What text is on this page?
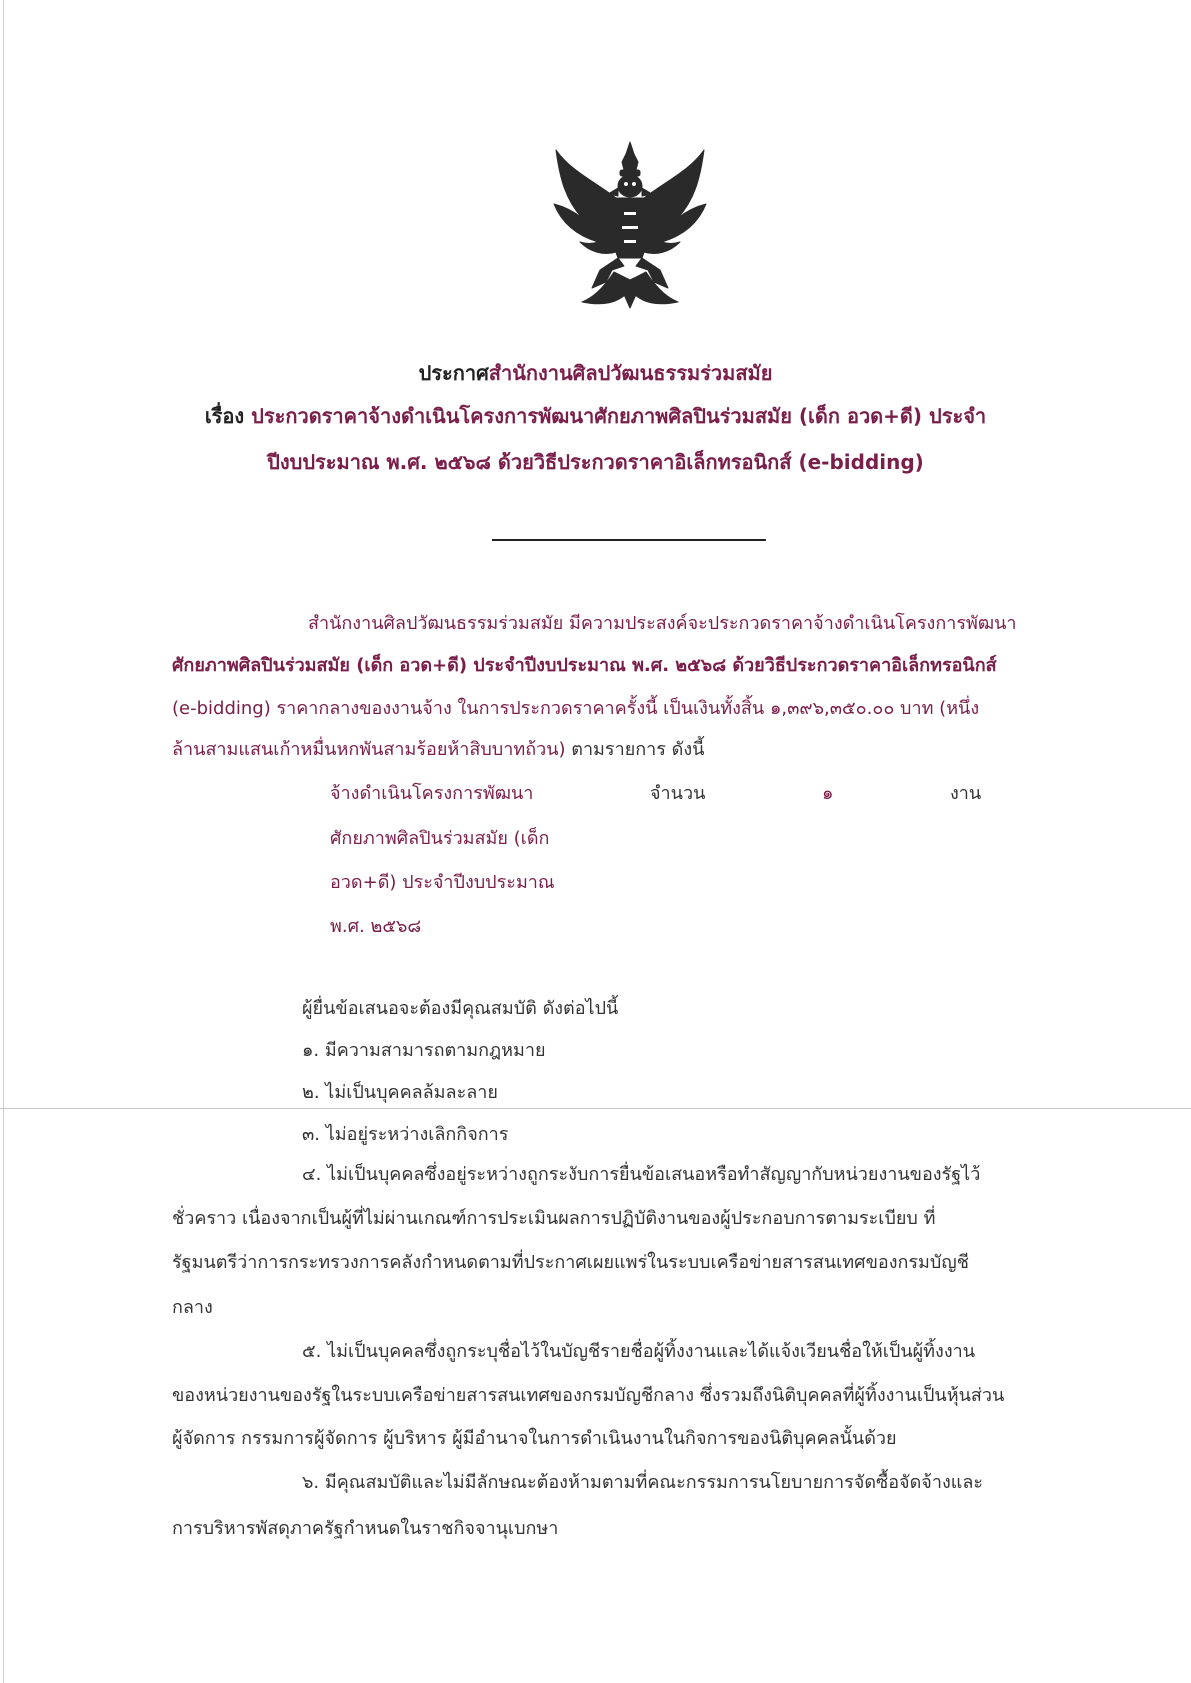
ประกาศสำนักงานศิลปวัฒนธรรมร่วมสมัย
เรื่อง ประกวดราคาจ้างดำเนินโครงการพัฒนาศักยภาพศิลปินร่วมสมัย (เด็ก อวด+ดี) ประจำ
ปีงบประมาณ พ.ศ. ๒๕๖๘ ด้วยวิธีประกวดราคาอิเล็กทรอนิกส์ (e-bidding)
สำนักงานศิลปวัฒนธรรมร่วมสมัย มีความประสงค์จะประกวดราคาจ้างดำเนินโครงการพัฒนา
ศักยภาพศิลปินร่วมสมัย (เด็ก อวด+ดี) ประจำปีงบประมาณ พ.ศ. ๒๕๖๘ ด้วยวิธีประกวดราคาอิเล็กทรอนิกส์
(e-bidding) ราคากลางของงานจ้าง ในการประกวดราคาครั้งนี้ เป็นเงินทั้งสิ้น ๑,๓๙๖,๓๕๐.๐๐ บาท (หนึ่ง
ล้านสามแสนเก้าหมื่นหกพันสามร้อยห้าสิบบาทถ้วน) ตามรายการ ดังนี้
จ้างดำเนินโครงการพัฒนา
ศักยภาพศิลปินร่วมสมัย (เด็ก
อวด+ดี) ประจำปีงบประมาณ
พ.ศ. ๒๕๖๘
จำนวน	๑	งาน
ผู้ยื่นข้อเสนอจะต้องมีคุณสมบัติ ดังต่อไปนี้
๑. มีความสามารถตามกฎหมาย
๒. ไม่เป็นบุคคลล้มละลาย
๓. ไม่อยู่ระหว่างเลิกกิจการ
๔. ไม่เป็นบุคคลซึ่งอยู่ระหว่างถูกระงับการยื่นข้อเสนอหรือทำสัญญากับหน่วยงานของรัฐไว้
ชั่วคราว เนื่องจากเป็นผู้ที่ไม่ผ่านเกณฑ์การประเมินผลการปฏิบัติงานของผู้ประกอบการตามระเบียบ ที่
รัฐมนตรีว่าการกระทรวงการคลังกำหนดตามที่ประกาศเผยแพร่ในระบบเครือข่ายสารสนเทศของกรมบัญชี
กลาง
๕. ไม่เป็นบุคคลซึ่งถูกระบุชื่อไว้ในบัญชีรายชื่อผู้ทิ้งงานและได้แจ้งเวียนชื่อให้เป็นผู้ทิ้งงาน
ของหน่วยงานของรัฐในระบบเครือข่ายสารสนเทศของกรมบัญชีกลาง ซึ่งรวมถึงนิติบุคคลที่ผู้ทิ้งงานเป็นหุ้นส่วน
ผู้จัดการ กรรมการผู้จัดการ ผู้บริหาร ผู้มีอำนาจในการดำเนินงานในกิจการของนิติบุคคลนั้นด้วย
๖. มีคุณสมบัติและไม่มีลักษณะต้องห้ามตามที่คณะกรรมการนโยบายการจัดซื้อจัดจ้างและ
การบริหารพัสดุภาครัฐกำหนดในราชกิจจานุเบกษา
